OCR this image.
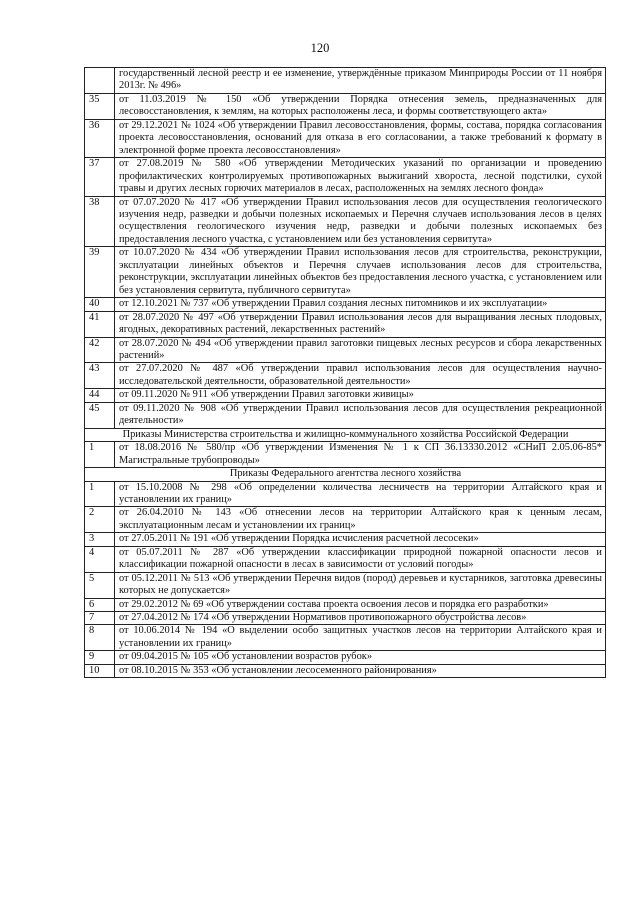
120
	государственный лесной реестр и ее изменение, утверждённые приказом Минприроды России от 11 ноября 2013г. № 496»
35	от 11.03.2019 № 150 «Об утверждении Порядка отнесения земель, предназначенных для лесовосстановления, к землям, на которых расположены леса, и формы соответствующего акта»
36	от 29.12.2021 № 1024 «Об утверждении Правил лесовосстановления, формы, состава, порядка согласования проекта лесовосстановления, оснований для отказа в его согласовании, а также требований к формату в электронной форме проекта лесовосстановления»
37	от 27.08.2019 № 580 «Об утверждении Методических указаний по организации и проведению профилактических контролируемых противопожарных выжиганий хвороста, лесной подстилки, сухой травы и других лесных горючих материалов в лесах, расположенных на землях лесного фонда»
38	от 07.07.2020 № 417 «Об утверждении Правил использования лесов для осуществления геологического изучения недр, разведки и добычи полезных ископаемых и Перечня случаев использования лесов в целях осуществления геологического изучения недр, разведки и добычи полезных ископаемых без предоставления лесного участка, с установлением или без установления сервитута»
39	от 10.07.2020 № 434 «Об утверждении Правил использования лесов для строительства, реконструкции, эксплуатации линейных объектов и Перечня случаев использования лесов для строительства, реконструкции, эксплуатации линейных объектов без предоставления лесного участка, с установлением или без установления сервитута, публичного сервитута»
40	от 12.10.2021 № 737 «Об утверждении Правил создания лесных питомников и их эксплуатации»
41	от 28.07.2020 № 497 «Об утверждении Правил использования лесов для выращивания лесных плодовых, ягодных, декоративных растений, лекарственных растений»
42	от 28.07.2020 № 494 «Об утверждении правил заготовки пищевых лесных ресурсов и сбора лекарственных растений»
43	от 27.07.2020 № 487 «Об утверждении правил использования лесов для осуществления научно-исследовательской деятельности, образовательной деятельности»
44	от 09.11.2020 № 911 «Об утверждении Правил заготовки живицы»
45	от 09.11.2020 № 908 «Об утверждении Правил использования лесов для осуществления рекреационной деятельности»
Приказы Министерства строительства и жилищно-коммунального хозяйства Российской Федерации	
1	от 18.08.2016 № 580/пр «Об утверждении Изменения № 1 к СП 36.13330.2012 «СНиП 2.05.06-85* Магистральные трубопроводы»
Приказы Федерального агентства лесного хозяйства	
1	от 15.10.2008 № 298 «Об определении количества лесничеств на территории Алтайского края и установлении их границ»
2	от 26.04.2010 № 143 «Об отнесении лесов на территории Алтайского края к ценным лесам, эксплуатационным лесам и установлении их границ»
3	от 27.05.2011 № 191 «Об утверждении Порядка исчисления расчетной лесосеки»
4	от 05.07.2011 № 287 «Об утверждении классификации природной пожарной опасности лесов и классификации пожарной опасности в лесах в зависимости от условий погоды»
5	от 05.12.2011 № 513 «Об утверждении Перечня видов (пород) деревьев и кустарников, заготовка древесины которых не допускается»
6	от 29.02.2012 № 69 «Об утверждении состава проекта освоения лесов и порядка его разработки»
7	от 27.04.2012 № 174 «Об утверждении Нормативов противопожарного обустройства лесов»
8	от 10.06.2014 № 194 «О выделении особо защитных участков лесов на территории Алтайского края и установлении их границ»
9	от 09.04.2015 № 105 «Об установлении возрастов рубок»
10	от 08.10.2015 № 353 «Об установлении лесосеменного районирования»
